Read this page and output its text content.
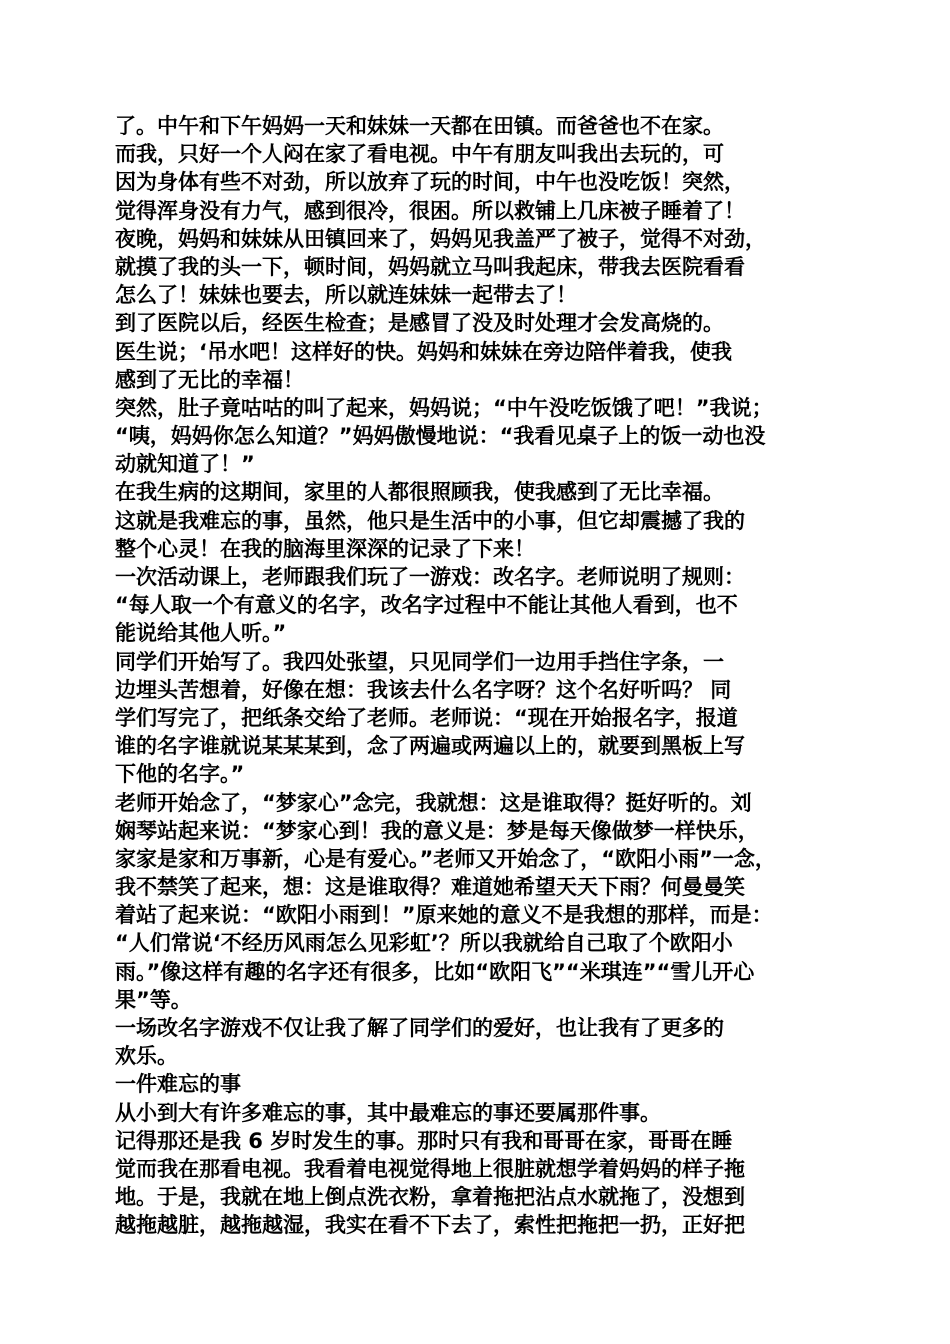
了。中午和下午妈妈一天和妹妹一天都在田镇。而爸爸也不在家。
而我，只好一个人闷在家了看电视。中午有朋友叫我出去玩的，可
因为身体有些不对劲，所以放弃了玩的时间，中午也没吃饭！突然，
觉得浑身没有力气，感到很冷，很困。所以救铺上几床被子睡着了！
夜晚，妈妈和妹妹从田镇回来了，妈妈见我盖严了被子，觉得不对劲，
就摸了我的头一下，顿时间，妈妈就立马叫我起床，带我去医院看看
怎么了！妹妹也要去，所以就连妹妹一起带去了！
到了医院以后，经医生检查；是感冒了没及时处理才会发高烧的。
医生说；‘吊水吧！这样好的快。妈妈和妹妹在旁边陪伴着我，使我
感到了无比的幸福！
突然，肚子竟咕咕的叫了起来，妈妈说；“中午没吃饭饿了吧！”我说；
“咦，妈妈你怎么知道？”妈妈傲慢地说：“我看见桌子上的饭一动也没
动就知道了！”
在我生病的这期间，家里的人都很照顾我，使我感到了无比幸福。
这就是我难忘的事，虽然，他只是生活中的小事，但它却震撼了我的
整个心灵！在我的脑海里深深的记录了下来！
一次活动课上，老师跟我们玩了一游戏：改名字。老师说明了规则：
“每人取一个有意义的名字，改名字过程中不能让其他人看到，也不
能说给其他人听。”
同学们开始写了。我四处张望，只见同学们一边用手挡住字条，一
边埋头苦想着，好像在想：我该去什么名字呀？这个名好听吗？ 同
学们写完了，把纸条交给了老师。老师说：“现在开始报名字，报道
谁的名字谁就说某某某到，念了两遍或两遍以上的，就要到黑板上写
下他的名字。”
老师开始念了，“梦家心”念完，我就想：这是谁取得？挺好听的。刘
娴琴站起来说：“梦家心到！我的意义是：梦是每天像做梦一样快乐，
家家是家和万事新，心是有爱心。”老师又开始念了，“欧阳小雨”一念，
我不禁笑了起来，想：这是谁取得？难道她希望天天下雨？何曼曼笑
着站了起来说：“欧阳小雨到！”原来她的意义不是我想的那样，而是：
“人们常说‘不经历风雨怎么见彩虹’？所以我就给自己取了个欧阳小
雨。”像这样有趣的名字还有很多，比如“欧阳飞”“米琪连”“雪儿开心
果”等。
一场改名字游戏不仅让我了解了同学们的爱好，也让我有了更多的
欢乐。
一件难忘的事
从小到大有许多难忘的事，其中最难忘的事还要属那件事。
记得那还是我 6 岁时发生的事。那时只有我和哥哥在家，哥哥在睡
觉而我在那看电视。我看着电视觉得地上很脏就想学着妈妈的样子拖
地。于是，我就在地上倒点洗衣粉，拿着拖把沾点水就拖了，没想到
越拖越脏，越拖越湿，我实在看不下去了，索性把拖把一扔，正好把
